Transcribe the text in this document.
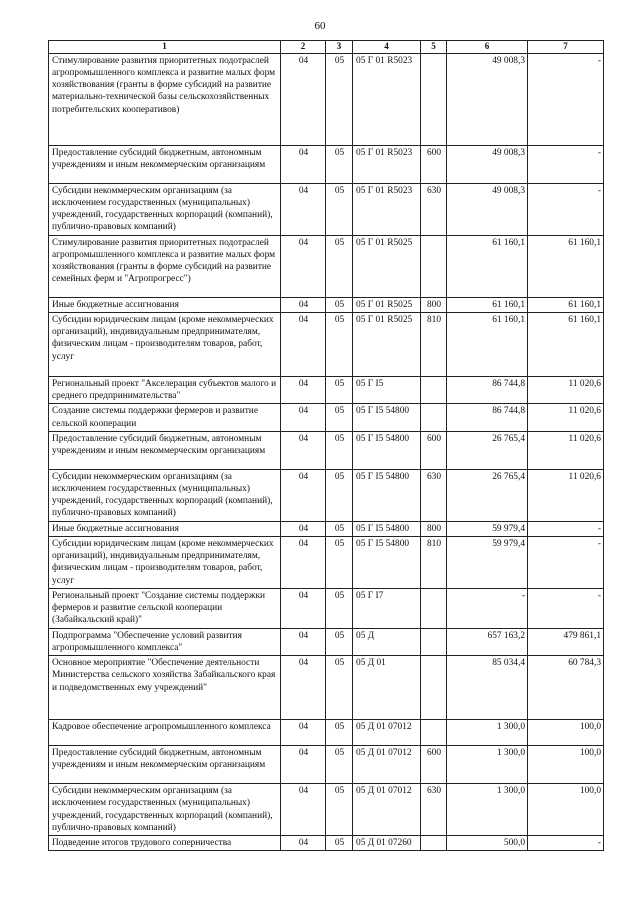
60
1	2	3	4	5	6	7
Стимулирование развития приоритетных подотраслей агропромышленного комплекса и развитие малых форм хозяйствования (гранты в форме субсидий на развитие материально-технической базы сельскохозяйственных потребительских кооперативов)	04	05	05 Г 01 R5023		49 008,3	-
Предоставление субсидий бюджетным, автономным учреждениям и иным некоммерческим организациям	04	05	05 Г 01 R5023	600	49 008,3	-
Субсидии некоммерческим организациям (за исключением государственных (муниципальных) учреждений, государственных корпораций (компаний), публично-правовых компаний)	04	05	05 Г 01 R5023	630	49 008,3	-
Стимулирование развития приоритетных подотраслей агропромышленного комплекса и развитие малых форм хозяйствования (гранты в форме субсидий на развитие семейных ферм и "Агропрогресс")	04	05	05 Г 01 R5025		61 160,1	61 160,1
Иные бюджетные ассигнования	04	05	05 Г 01 R5025	800	61 160,1	61 160,1
Субсидии юридическим лицам (кроме некоммерческих организаций), индивидуальным предпринимателям, физическим лицам - производителям товаров, работ, услуг	04	05	05 Г 01 R5025	810	61 160,1	61 160,1
Региональный проект "Акселерация субъектов малого и среднего предпринимательства"	04	05	05 Г I5		86 744,8	11 020,6
Создание системы поддержки фермеров и развитие сельской кооперации	04	05	05 Г I5 54800		86 744,8	11 020,6
Предоставление субсидий бюджетным, автономным учреждениям и иным некоммерческим организациям	04	05	05 Г I5 54800	600	26 765,4	11 020,6
Субсидии некоммерческим организациям (за исключением государственных (муниципальных) учреждений, государственных корпораций (компаний), публично-правовых компаний)	04	05	05 Г I5 54800	630	26 765,4	11 020,6
Иные бюджетные ассигнования	04	05	05 Г I5 54800	800	59 979,4	-
Субсидии юридическим лицам (кроме некоммерческих организаций), индивидуальным предпринимателям, физическим лицам - производителям товаров, работ, услуг	04	05	05 Г I5 54800	810	59 979,4	-
Региональный проект "Создание системы поддержки фермеров и развитие сельской кооперации (Забайкальский край)"	04	05	05 Г I7		-	-
Подпрограмма "Обеспечение условий развития агропромышленного комплекса"	04	05	05 Д		657 163,2	479 861,1
Основное мероприятие "Обеспечение деятельности Министерства сельского хозяйства Забайкальского края и подведомственных ему учреждений"	04	05	05 Д 01		85 034,4	60 784,3
Кадровое обеспечение агропромышленного комплекса	04	05	05 Д 01 07012		1 300,0	100,0
Предоставление субсидий бюджетным, автономным учреждениям и иным некоммерческим организациям	04	05	05 Д 01 07012	600	1 300,0	100,0
Субсидии некоммерческим организациям (за исключением государственных (муниципальных) учреждений, государственных корпораций (компаний), публично-правовых компаний)	04	05	05 Д 01 07012	630	1 300,0	100,0
Подведение итогов трудового соперничества	04	05	05 Д 01 07260		500,0	-
